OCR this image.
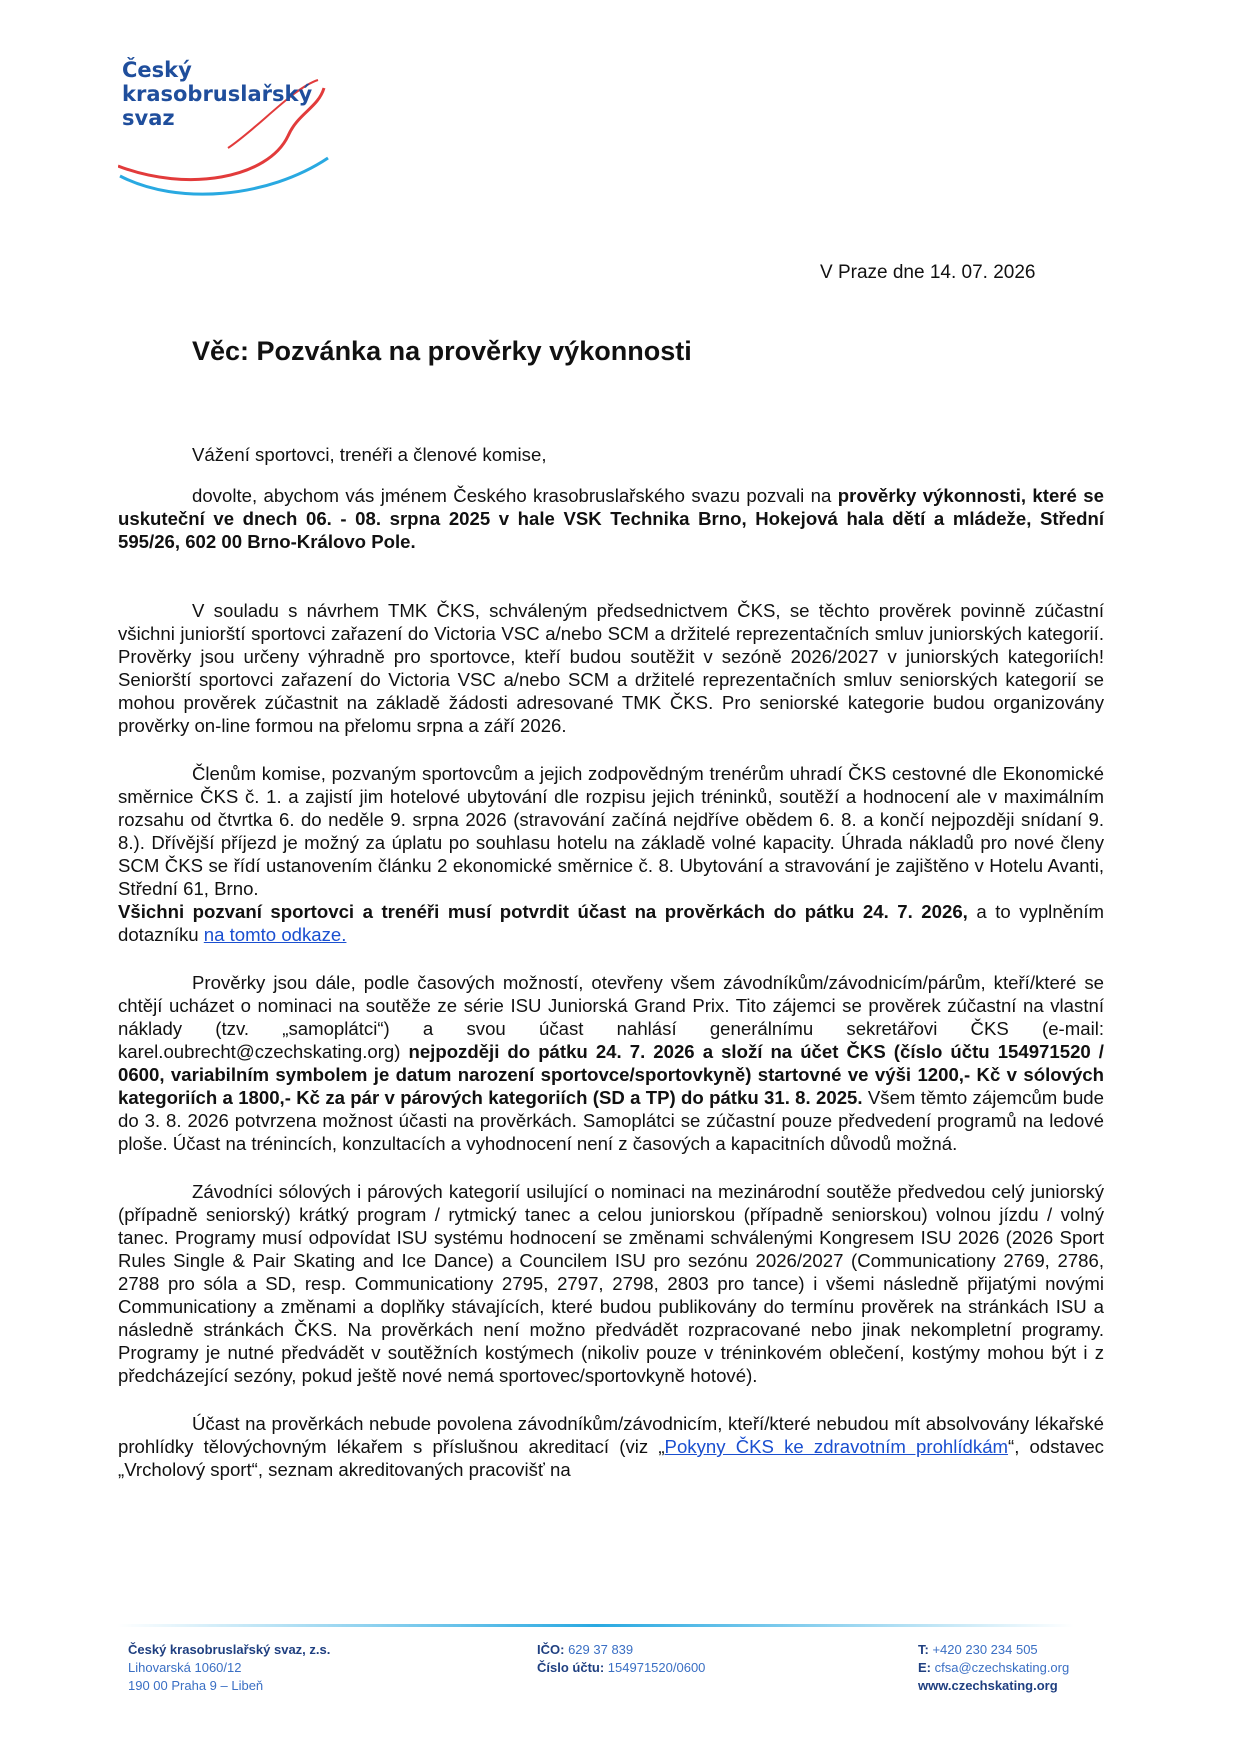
Český
krasobruslařský
svaz
V Praze dne 14. 07. 2026
Věc: Pozvánka na prověrky výkonnosti
Vážení sportovci, trenéři a členové komise,

dovolte, abychom vás jménem Českého krasobruslařského svazu pozvali na prověrky výkonnosti, které se uskuteční ve dnech 06. - 08. srpna 2025 v hale VSK Technika Brno, Hokejová hala dětí a mládeže, Střední 595/26, 602 00 Brno-Královo Pole.

V souladu s návrhem TMK ČKS, schváleným předsednictvem ČKS, se těchto prověrek povinně zúčastní všichni juniorští sportovci zařazení do Victoria VSC a/nebo SCM a držitelé reprezentačních smluv juniorských kategorií. Prověrky jsou určeny výhradně pro sportovce, kteří budou soutěžit v sezóně 2026/2027 v juniorských kategoriích! Seniorští sportovci zařazení do Victoria VSC a/nebo SCM a držitelé reprezentačních smluv seniorských kategorií se mohou prověrek zúčastnit na základě žádosti adresované TMK ČKS. Pro seniorské kategorie budou organizovány prověrky on-line formou na přelomu srpna a září 2026.

Členům komise, pozvaným sportovcům a jejich zodpovědným trenérům uhradí ČKS cestovné dle Ekonomické směrnice ČKS č. 1. a zajistí jim hotelové ubytování dle rozpisu jejich tréninků, soutěží a hodnocení ale v maximálním rozsahu od čtvrtka 6. do neděle 9. srpna 2026 (stravování začíná nejdříve obědem 6. 8. a končí nejpozději snídaní 9. 8.). Dřívější příjezd je možný za úplatu po souhlasu hotelu na základě volné kapacity. Úhrada nákladů pro nové členy SCM ČKS se řídí ustanovením článku 2 ekonomické směrnice č. 8. Ubytování a stravování je zajištěno v Hotelu Avanti, Střední 61, Brno.
Všichni pozvaní sportovci a trenéři musí potvrdit účast na prověrkách do pátku 24. 7. 2026, a to vyplněním dotazníku na tomto odkaze.

Prověrky jsou dále, podle časových možností, otevřeny všem závodníkům/závodnicím/párům, kteří/které se chtějí ucházet o nominaci na soutěže ze série ISU Juniorská Grand Prix. Tito zájemci se prověrek zúčastní na vlastní náklady (tzv. „samoplátci“) a svou účast nahlásí generálnímu sekretářovi ČKS (e-mail: karel.oubrecht@czechskating.org) nejpozději do pátku 24. 7. 2026 a složí na účet ČKS (číslo účtu 154971520 / 0600, variabilním symbolem je datum narození sportovce/sportovkyně) startovné ve výši 1200,- Kč v sólových kategoriích a 1800,- Kč za pár v párových kategoriích (SD a TP) do pátku 31. 8. 2025. Všem těmto zájemcům bude do 3. 8. 2026 potvrzena možnost účasti na prověrkách. Samoplátci se zúčastní pouze předvedení programů na ledové ploše. Účast na trénincích, konzultacích a vyhodnocení není z časových a kapacitních důvodů možná.

Závodníci sólových i párových kategorií usilující o nominaci na mezinárodní soutěže předvedou celý juniorský (případně seniorský) krátký program / rytmický tanec a celou juniorskou (případně seniorskou) volnou jízdu / volný tanec. Programy musí odpovídat ISU systému hodnocení se změnami schválenými Kongresem ISU 2026 (2026 Sport Rules Single & Pair Skating and Ice Dance) a Councilem ISU pro sezónu 2026/2027 (Communicationy 2769, 2786, 2788 pro sóla a SD, resp. Communicationy 2795, 2797, 2798, 2803 pro tance) i všemi následně přijatými novými Communicationy a změnami a doplňky stávajících, které budou publikovány do termínu prověrek na stránkách ISU a následně stránkách ČKS. Na prověrkách není možno předvádět rozpracované nebo jinak nekompletní programy. Programy je nutné předvádět v soutěžních kostýmech (nikoliv pouze v tréninkovém oblečení, kostýmy mohou být i z předcházející sezóny, pokud ještě nové nemá sportovec/sportovkyně hotové).

Účast na prověrkách nebude povolena závodníkům/závodnicím, kteří/které nebudou mít absolvovány lékařské prohlídky tělovýchovným lékařem s příslušnou akreditací (viz „Pokyny ČKS ke zdravotním prohlídkám“, odstavec „Vrcholový sport“, seznam akreditovaných pracovišť na

Český krasobruslařský svaz, z.s.
Lihovarská 1060/12
190 00 Praha 9 – Libeň
IČO: 629 37 839
Číslo účtu: 154971520/0600
T: +420 230 234 505
E: cfsa@czechskating.org
www.czechskating.org
